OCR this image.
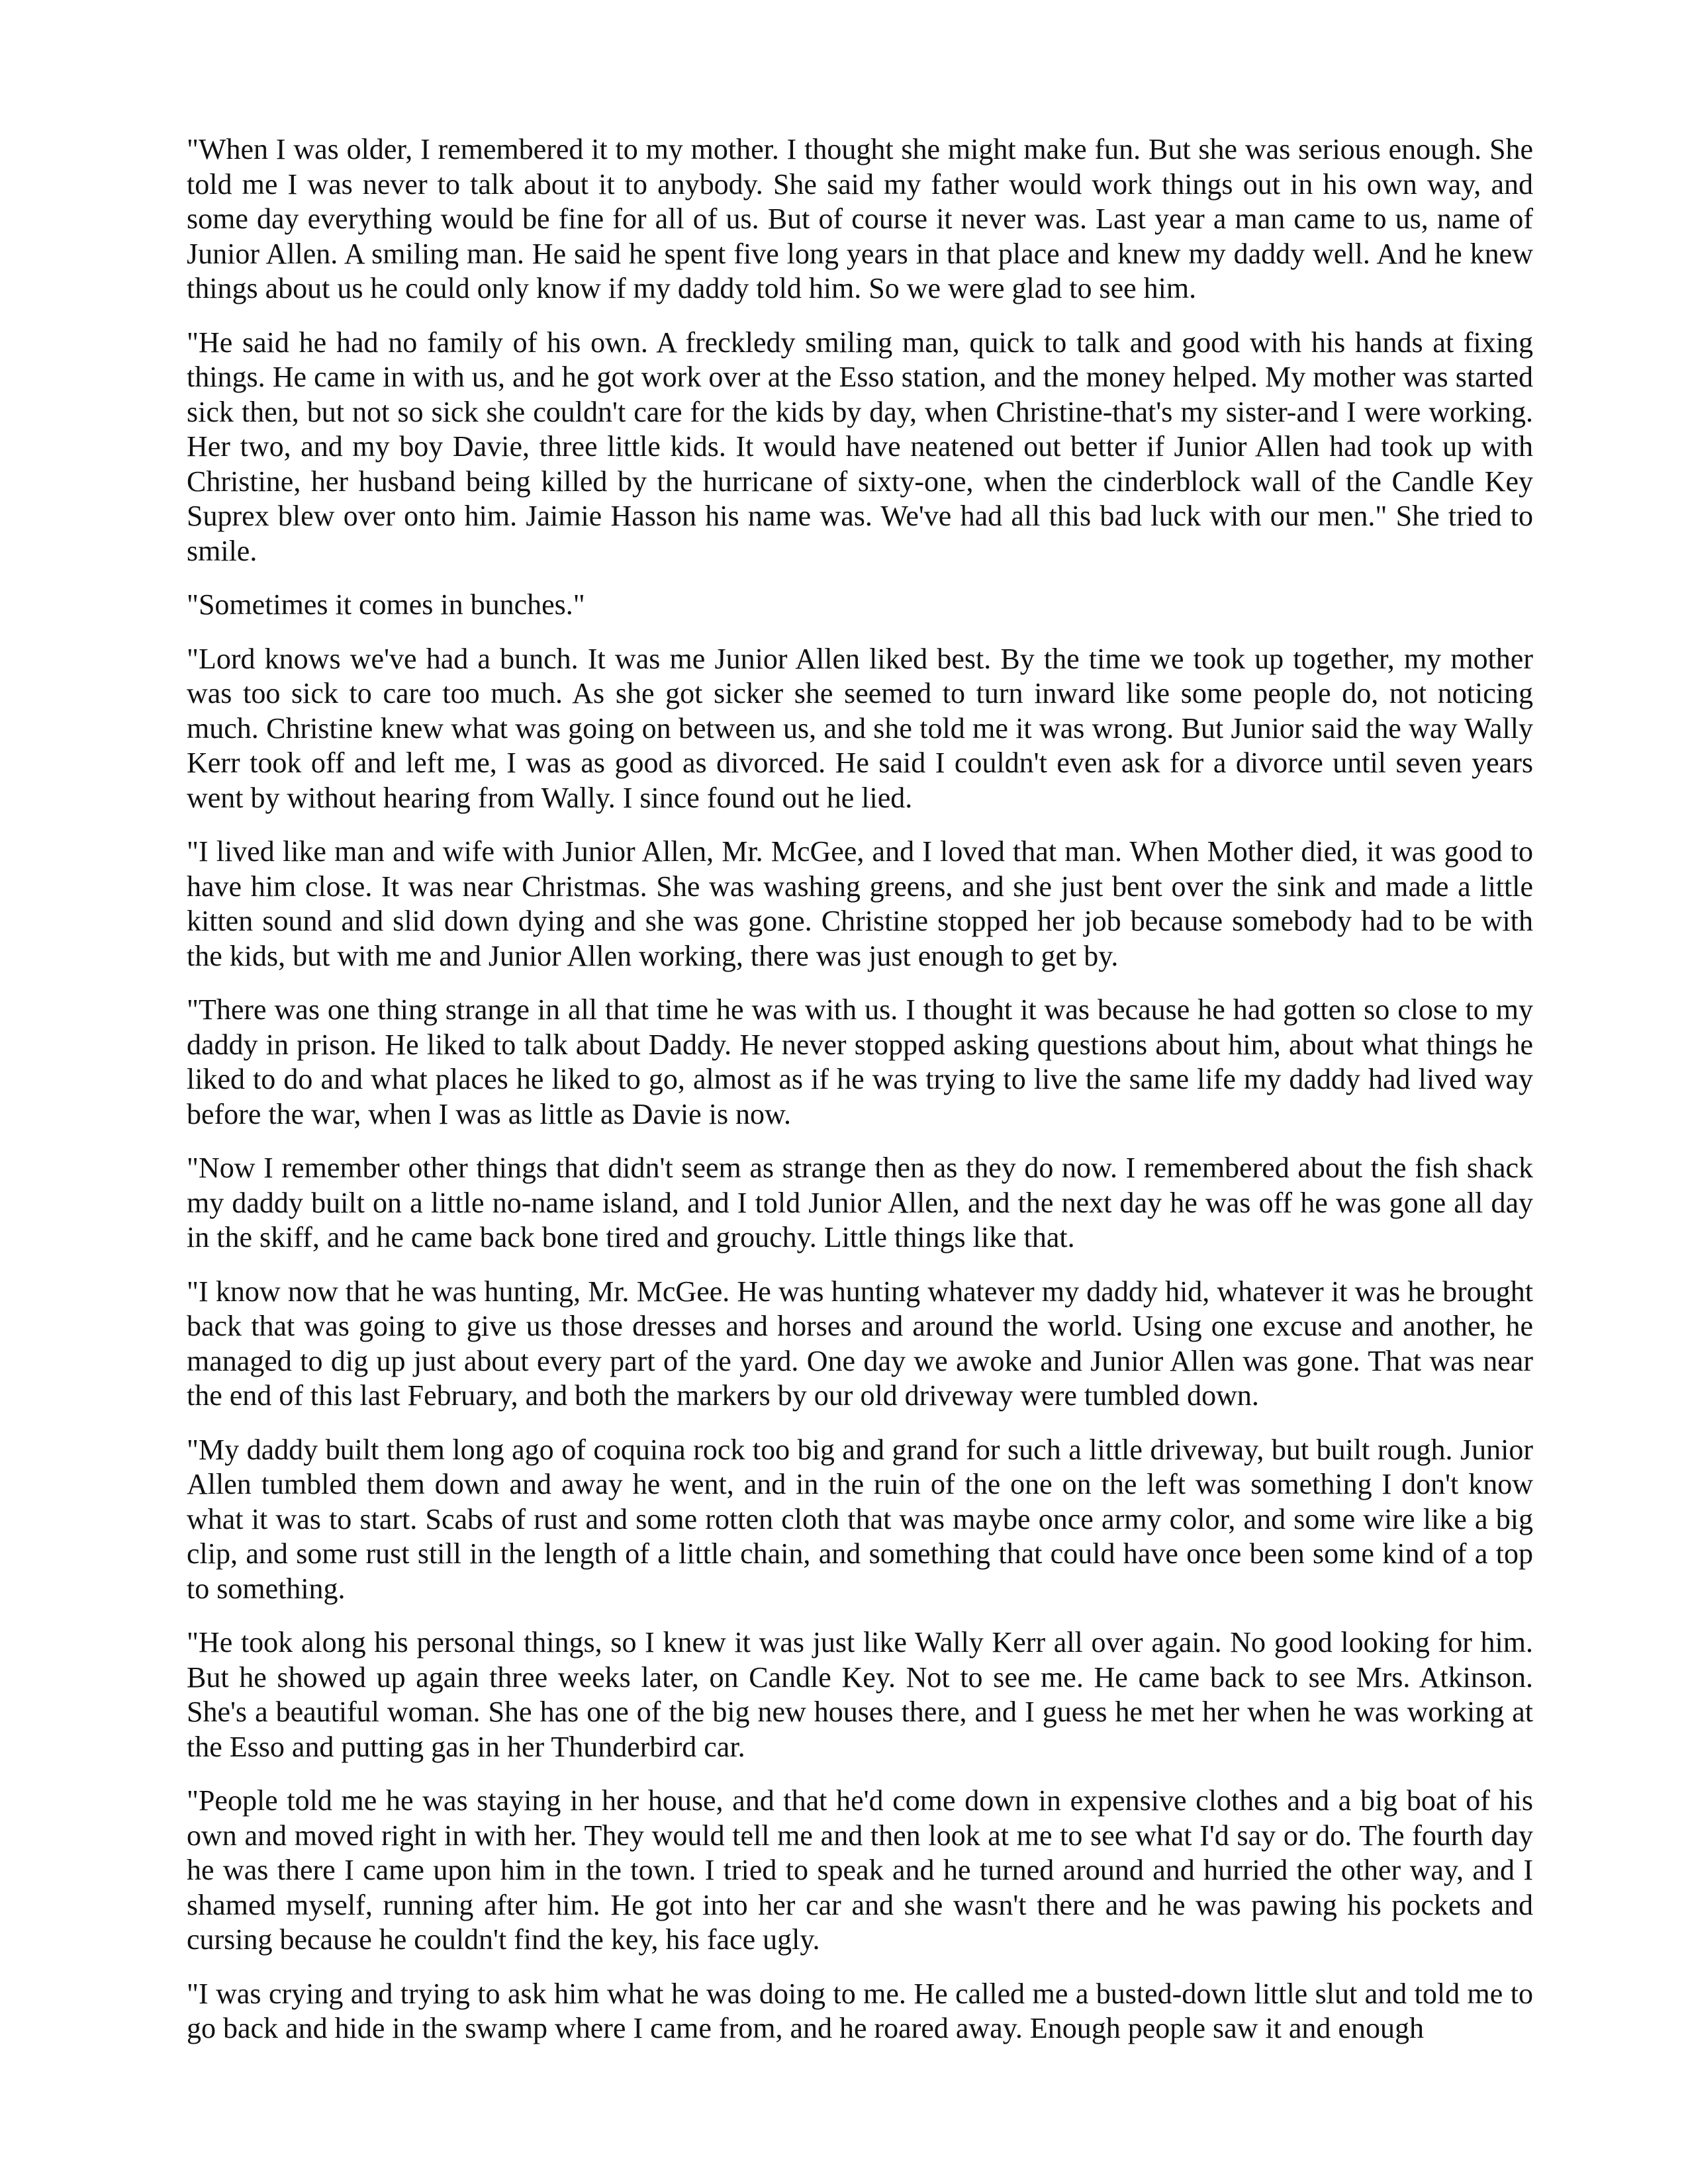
"When I was older, I remembered it to my mother. I thought she might make fun. But she was serious enough. She told me I was never to talk about it to anybody. She said my father would work things out in his own way, and some day everything would be fine for all of us. But of course it never was. Last year a man came to us, name of Junior Allen. A smiling man. He said he spent five long years in that place and knew my daddy well. And he knew things about us he could only know if my daddy told him. So we were glad to see him.

"He said he had no family of his own. A freckledy smiling man, quick to talk and good with his hands at fixing things. He came in with us, and he got work over at the Esso station, and the money helped. My mother was started sick then, but not so sick she couldn't care for the kids by day, when Christine-that's my sister-and I were working. Her two, and my boy Davie, three little kids. It would have neatened out better if Junior Allen had took up with Christine, her husband being killed by the hurricane of sixty-one, when the cinderblock wall of the Candle Key Suprex blew over onto him. Jaimie Hasson his name was. We've had all this bad luck with our men." She tried to smile.

"Sometimes it comes in bunches."

"Lord knows we've had a bunch. It was me Junior Allen liked best. By the time we took up together, my mother was too sick to care too much. As she got sicker she seemed to turn inward like some people do, not noticing much. Christine knew what was going on between us, and she told me it was wrong. But Junior said the way Wally Kerr took off and left me, I was as good as divorced. He said I couldn't even ask for a divorce until seven years went by without hearing from Wally. I since found out he lied.

"I lived like man and wife with Junior Allen, Mr. McGee, and I loved that man. When Mother died, it was good to have him close. It was near Christmas. She was washing greens, and she just bent over the sink and made a little kitten sound and slid down dying and she was gone. Christine stopped her job because somebody had to be with the kids, but with me and Junior Allen working, there was just enough to get by.

"There was one thing strange in all that time he was with us. I thought it was because he had gotten so close to my daddy in prison. He liked to talk about Daddy. He never stopped asking questions about him, about what things he liked to do and what places he liked to go, almost as if he was trying to live the same life my daddy had lived way before the war, when I was as little as Davie is now.

"Now I remember other things that didn't seem as strange then as they do now. I remembered about the fish shack my daddy built on a little no-name island, and I told Junior Allen, and the next day he was off he was gone all day in the skiff, and he came back bone tired and grouchy. Little things like that.

"I know now that he was hunting, Mr. McGee. He was hunting whatever my daddy hid, whatever it was he brought back that was going to give us those dresses and horses and around the world. Using one excuse and another, he managed to dig up just about every part of the yard. One day we awoke and Junior Allen was gone. That was near the end of this last February, and both the markers by our old driveway were tumbled down.

"My daddy built them long ago of coquina rock too big and grand for such a little driveway, but built rough. Junior Allen tumbled them down and away he went, and in the ruin of the one on the left was something I don't know what it was to start. Scabs of rust and some rotten cloth that was maybe once army color, and some wire like a big clip, and some rust still in the length of a little chain, and something that could have once been some kind of a top to something.

"He took along his personal things, so I knew it was just like Wally Kerr all over again. No good looking for him. But he showed up again three weeks later, on Candle Key. Not to see me. He came back to see Mrs. Atkinson. She's a beautiful woman. She has one of the big new houses there, and I guess he met her when he was working at the Esso and putting gas in her Thunderbird car.

"People told me he was staying in her house, and that he'd come down in expensive clothes and a big boat of his own and moved right in with her. They would tell me and then look at me to see what I'd say or do. The fourth day he was there I came upon him in the town. I tried to speak and he turned around and hurried the other way, and I shamed myself, running after him. He got into her car and she wasn't there and he was pawing his pockets and cursing because he couldn't find the key, his face ugly.

"I was crying and trying to ask him what he was doing to me. He called me a busted-down little slut and told me to go back and hide in the swamp where I came from, and he roared away. Enough people saw it and enough
